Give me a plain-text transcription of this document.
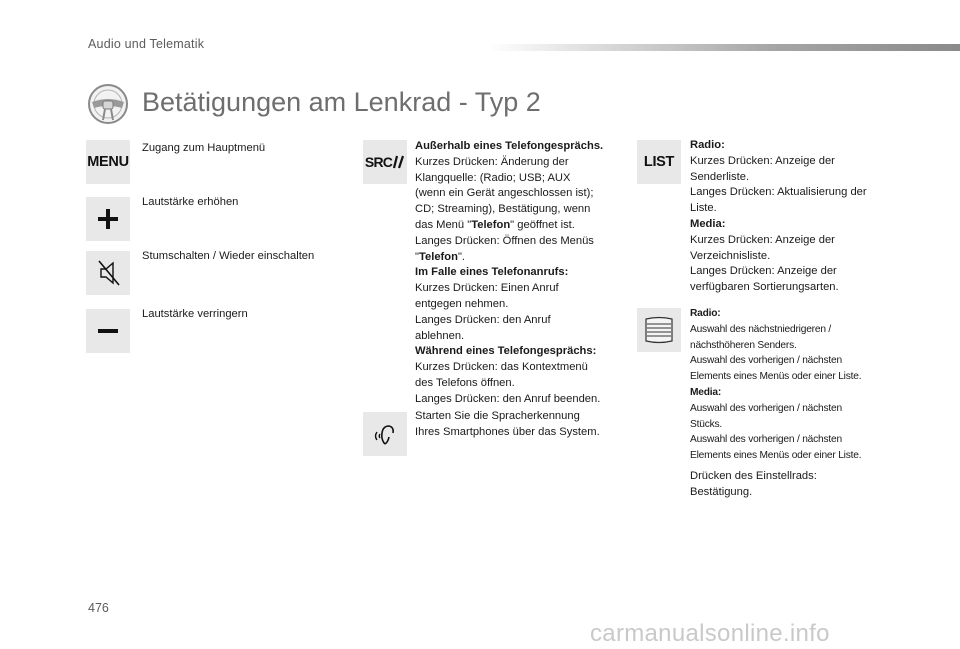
Audio und Telematik
Betätigungen am Lenkrad - Typ 2
MENU
Zugang zum Hauptmenü
Lautstärke erhöhen
Stumschalten / Wieder einschalten
Lautstärke verringern
SRC
Außerhalb eines Telefongesprächs.
Kurzes Drücken: Änderung der
Klangquelle: (Radio; USB; AUX
(wenn ein Gerät angeschlossen ist);
CD; Streaming), Bestätigung, wenn
das Menü "Telefon" geöffnet ist.
Langes Drücken: Öffnen des Menüs
"Telefon".
Im Falle eines Telefonanrufs:
Kurzes Drücken: Einen Anruf
entgegen nehmen.
Langes Drücken: den Anruf
ablehnen.
Während eines Telefongesprächs:
Kurzes Drücken: das Kontextmenü
des Telefons öffnen.
Langes Drücken: den Anruf beenden.
Starten Sie die Spracherkennung
Ihres Smartphones über das System.
LIST
Radio:
Kurzes Drücken: Anzeige der
Senderliste.
Langes Drücken: Aktualisierung der
Liste.
Media:
Kurzes Drücken: Anzeige der
Verzeichnisliste.
Langes Drücken: Anzeige der
verfügbaren Sortierungsarten.
Radio:
Auswahl des nächstniedrigeren /
nächsthöheren Senders.
Auswahl des vorherigen / nächsten
Elements eines Menüs oder einer Liste.
Media:
Auswahl des vorherigen / nächsten
Stücks.
Auswahl des vorherigen / nächsten
Elements eines Menüs oder einer Liste.
Drücken des Einstellrads:
Bestätigung.
476
carmanualsonline.info
